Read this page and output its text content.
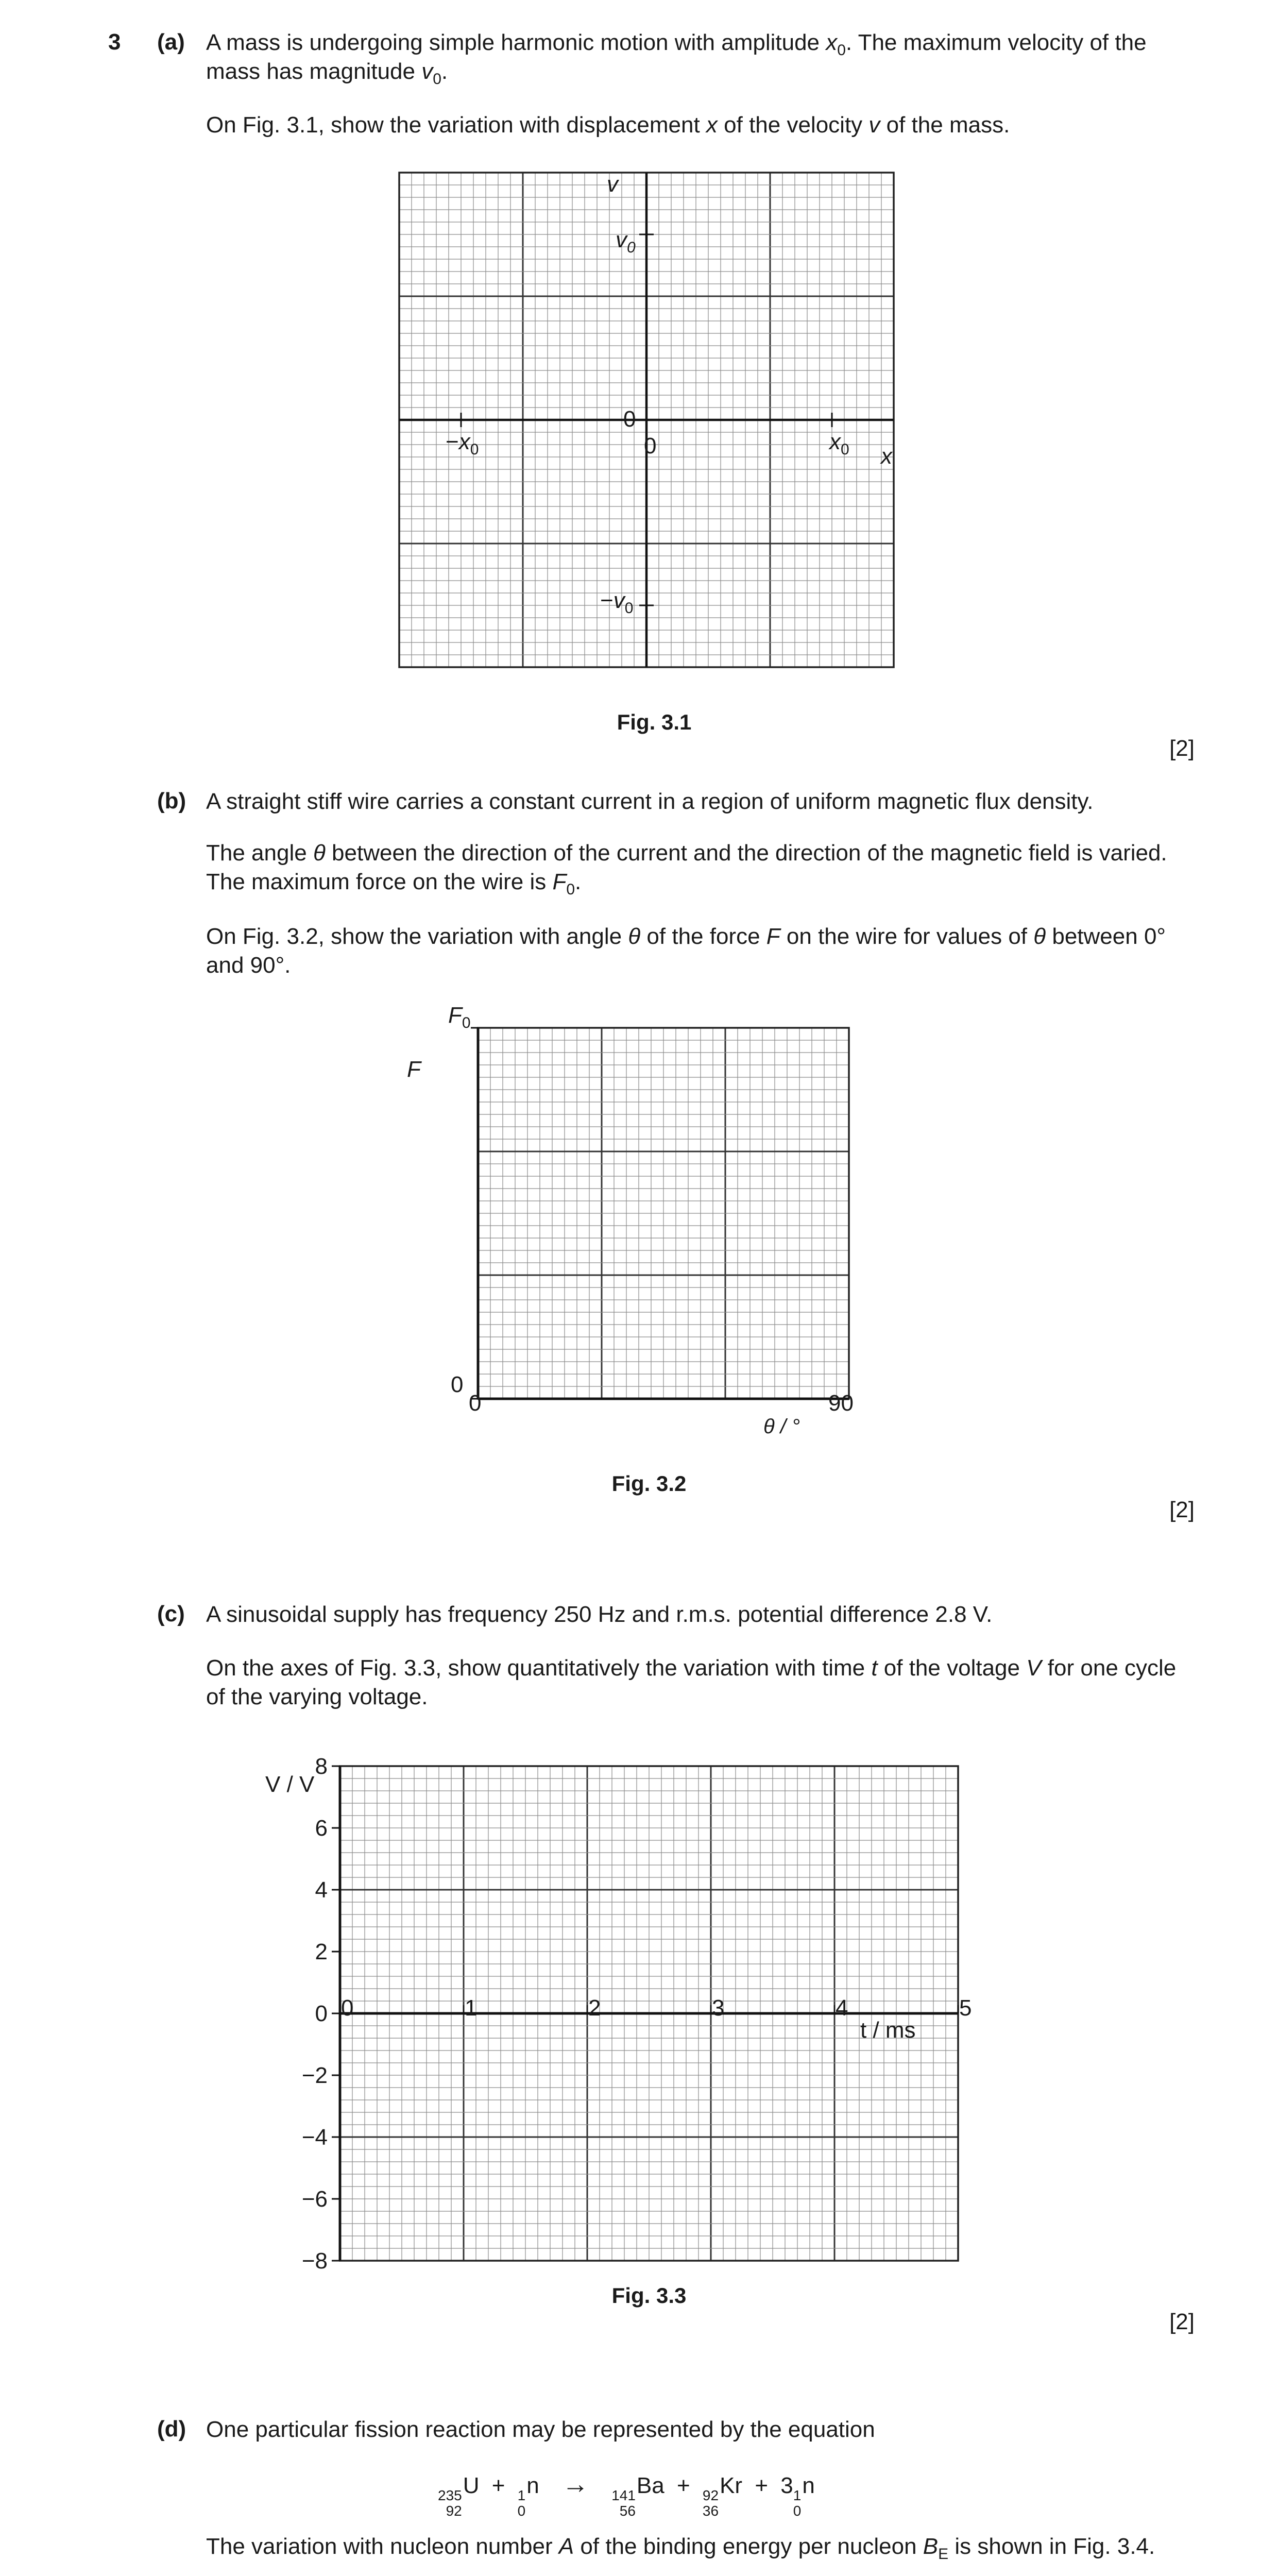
3 (a) A mass is undergoing simple harmonic motion with amplitude $x_0$. The maximum velocity of the mass has magnitude $v_0$.

On Fig. 3.1, show the variation with displacement x of the velocity v of the mass.

v
$v_0$
0
0
$-x_0$	$x_0$ x
$-v_0$
Fig. 3.1
[2]
(b) A straight stiff wire carries a constant current in a region of uniform magnetic flux density.

The angle θ between the direction of the current and the direction of the magnetic field is varied. The maximum force on the wire is $F_0$.

On Fig. 3.2, show the variation with angle θ of the force F on the wire for values of θ between 0° and 90°.

$F_0$
F
0
0	90
θ / °
Fig. 3.2
[2]
(c) A sinusoidal supply has frequency 250 Hz and r.m.s. potential difference 2.8 V.

On the axes of Fig. 3.3, show quantitatively the variation with time t of the voltage V for one cycle of the varying voltage.

8
6
4
2
0
−2
−4
−6
−8
0	1	2	3	4	5
V / V
t / ms
Fig. 3.3
[2]
(d) One particular fission reaction may be represented by the equation

235
92
U + 1
0
n → 141
56
Ba + 92
36
Kr + 3 1
0
n

The variation with nucleon number A of the binding energy per nucleon $B_E$ is shown in Fig. 3.4.
